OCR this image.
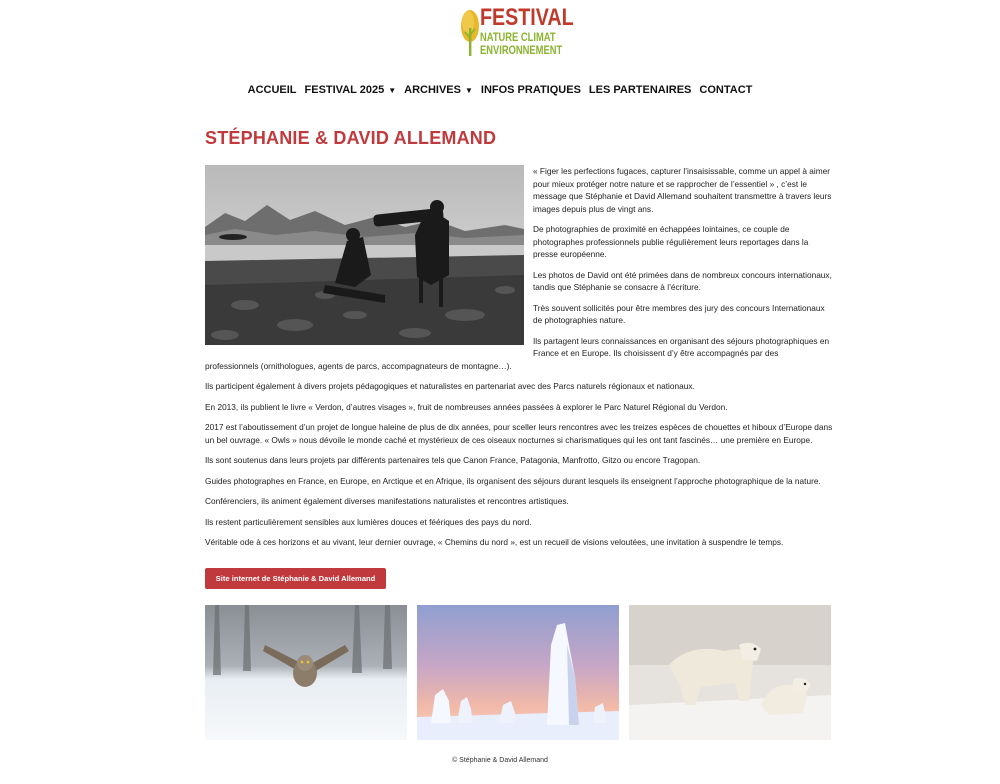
FESTIVAL
NATURE CLIMAT
ENVIRONNEMENT
ACCUEIL FESTIVAL 2025 ▼ ARCHIVES ▼ INFOS PRATIQUES LES PARTENAIRES CONTACT
STÉPHANIE & DAVID ALLEMAND

« Figer les perfections fugaces, capturer l’insaisissable, comme un appel à aimer pour mieux protéger notre nature et se rapprocher de l’essentiel » , c’est le message que Stéphanie et David Allemand souhaitent transmettre à travers leurs images depuis plus de vingt ans.

De photographies de proximité en échappées lointaines, ce couple de photographes professionnels publie régulièrement leurs reportages dans la presse européenne.

Les photos de David ont été primées dans de nombreux concours internationaux, tandis que Stéphanie se consacre à l’écriture.

Très souvent sollicités pour être membres des jury des concours Internationaux de photographies nature.

Ils partagent leurs connaissances en organisant des séjours photographiques en France et en Europe. Ils choisissent d’y être accompagnés par des professionnels (ornithologues, agents de parcs, accompagnateurs de montagne…).

Ils participent également à divers projets pédagogiques et naturalistes en partenariat avec des Parcs naturels régionaux et nationaux.

En 2013, ils publient le livre « Verdon, d’autres visages », fruit de nombreuses années passées à explorer le Parc Naturel Régional du Verdon.

2017 est l’aboutissement d’un projet de longue haleine de plus de dix années, pour sceller leurs rencontres avec les treizes espèces de chouettes et hiboux d’Europe dans un bel ouvrage. « Owls » nous dévoile le monde caché et mystérieux de ces oiseaux nocturnes si charismatiques qui les ont tant fascinés… une première en Europe.

Ils sont soutenus dans leurs projets par différents partenaires tels que Canon France, Patagonia, Manfrotto, Gitzo ou encore Tragopan.

Guides photographes en France, en Europe, en Arctique et en Afrique, ils organisent des séjours durant lesquels ils enseignent l’approche photographique de la nature.

Conférenciers, ils animent également diverses manifestations naturalistes et rencontres artistiques.

Ils restent particulièrement sensibles aux lumières douces et féériques des pays du nord.

Véritable ode à ces horizons et au vivant, leur dernier ouvrage, « Chemins du nord », est un recueil de visions veloutées, une invitation à suspendre le temps.

Site internet de Stéphanie & David Allemand
© Stéphanie & David Allemand
